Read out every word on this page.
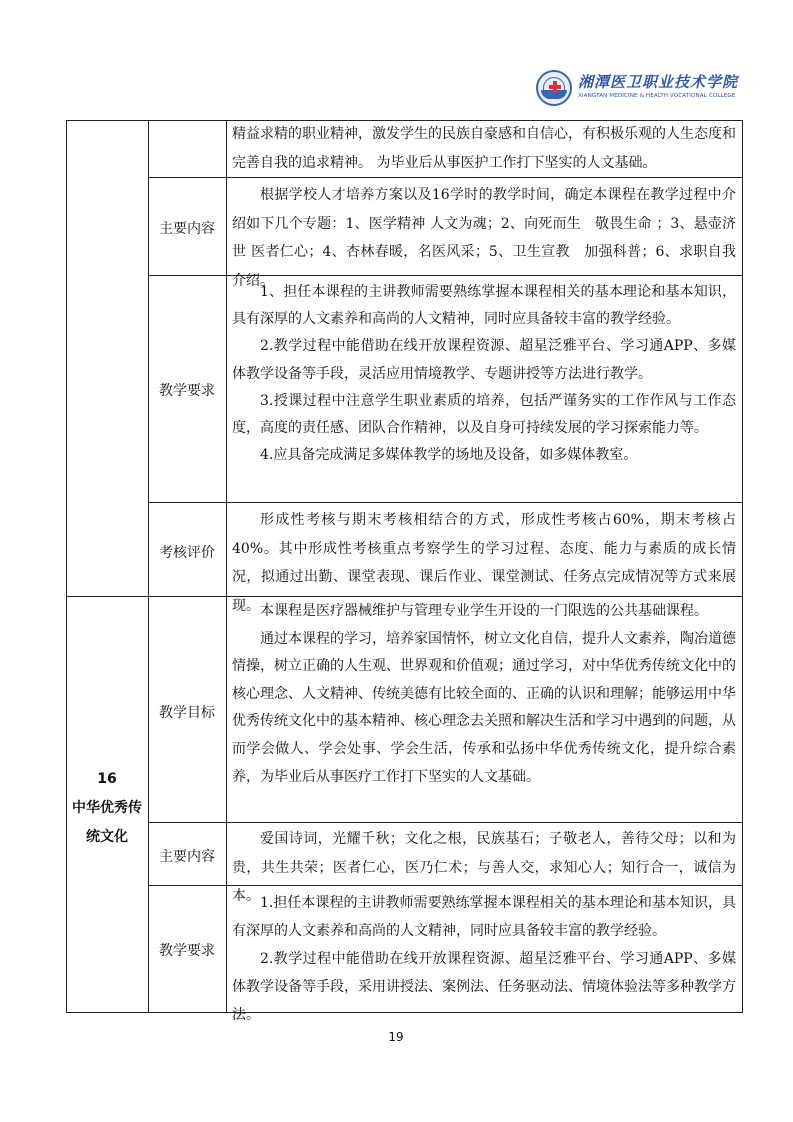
湘潭医卫职业技术学院
XIANGTAN MEDICINE & HEALTH VOCATIONAL COLLEGE

精益求精的职业精神，激发学生的民族自豪感和自信心，有积极乐观的人生态度和完善自我的追求精神。 为毕业后从事医护工作打下坚实的人文基础。

主要内容

根据学校人才培养方案以及16学时的教学时间，确定本课程在教学过程中介绍如下几个专题：1、医学精神 人文为魂；2、向死而生　敬畏生命 ；3、悬壶济世 医者仁心；4、杏林春暖，名医风采；5、卫生宣教　加强科普；6、求职自我介绍。

教学要求

1、担任本课程的主讲教师需要熟练掌握本课程相关的基本理论和基本知识，具有深厚的人文素养和高尚的人文精神，同时应具备较丰富的教学经验。

2.教学过程中能借助在线开放课程资源、超星泛雅平台、学习通APP、多媒体教学设备等手段，灵活应用情境教学、专题讲授等方法进行教学。

3.授课过程中注意学生职业素质的培养，包括严谨务实的工作作风与工作态度，高度的责任感、团队合作精神，以及自身可持续发展的学习探索能力等。

4.应具备完成满足多媒体教学的场地及设备，如多媒体教室。

考核评价

形成性考核与期末考核相结合的方式，形成性考核占60%，期末考核占40%。其中形成性考核重点考察学生的学习过程、态度、能力与素质的成长情况，拟通过出勤、课堂表现、课后作业、课堂测试、任务点完成情况等方式来展现。

16
中华优秀传
统文化
教学目标

本课程是医疗器械维护与管理专业学生开设的一门限选的公共基础课程。

通过本课程的学习，培养家国情怀，树立文化自信，提升人文素养，陶冶道德情操，树立正确的人生观、世界观和价值观；通过学习，对中华优秀传统文化中的核心理念、人文精神、传统美德有比较全面的、正确的认识和理解；能够运用中华优秀传统文化中的基本精神、核心理念去关照和解决生活和学习中遇到的问题，从而学会做人、学会处事、学会生活，传承和弘扬中华优秀传统文化，提升综合素养，为毕业后从事医疗工作打下坚实的人文基础。

主要内容

爱国诗词，光耀千秋；文化之根，民族基石；子敬老人，善待父母；以和为贵，共生共荣；医者仁心，医乃仁术；与善人交，求知心人；知行合一，诚信为本。

教学要求

1.担任本课程的主讲教师需要熟练掌握本课程相关的基本理论和基本知识，具有深厚的人文素养和高尚的人文精神，同时应具备较丰富的教学经验。

2.教学过程中能借助在线开放课程资源、超星泛雅平台、学习通APP、多媒体教学设备等手段，采用讲授法、案例法、任务驱动法、情境体验法等多种教学方法。

19
